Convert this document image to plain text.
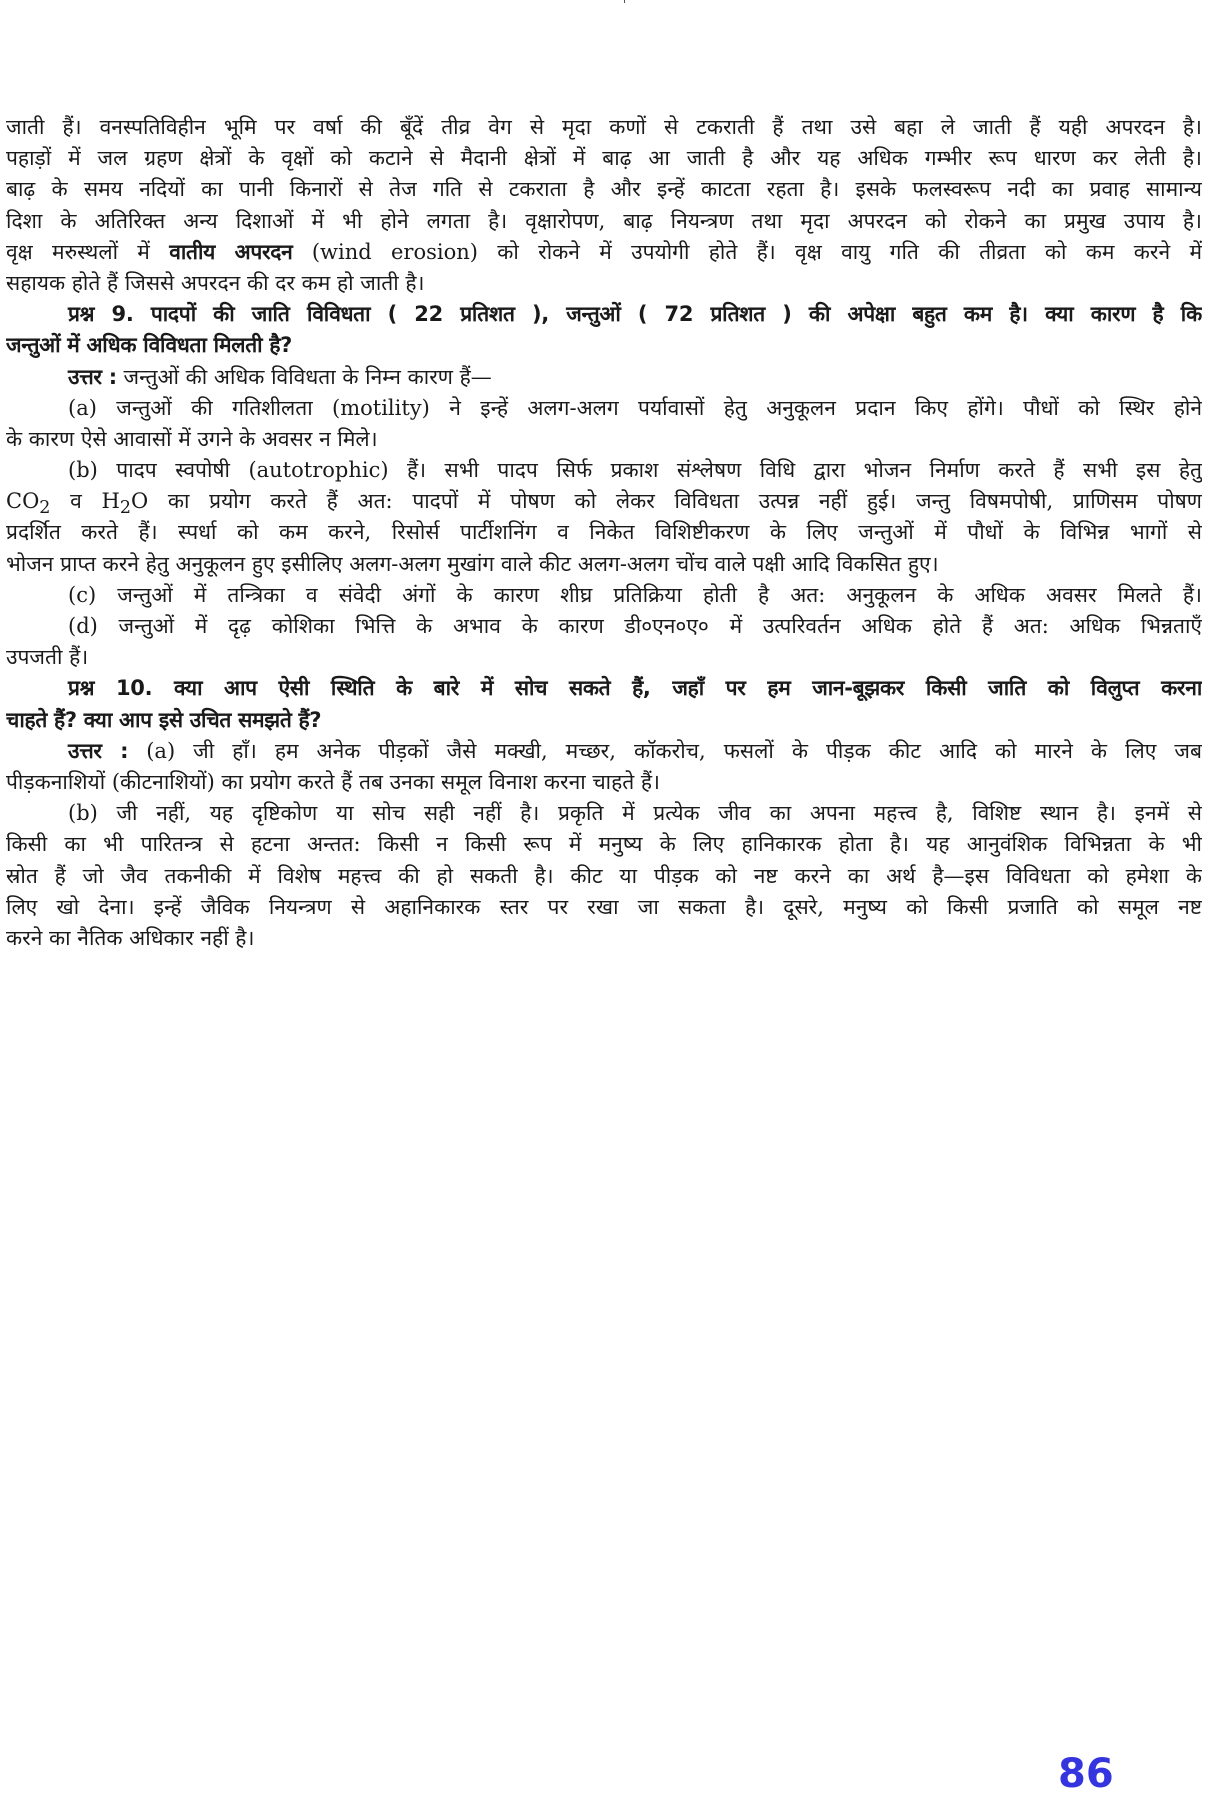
जाती हैं। वनस्पतिविहीन भूमि पर वर्षा की बूँदें तीव्र वेग से मृदा कणों से टकराती हैं तथा उसे बहा ले जाती हैं यही अपरदन है।
पहाड़ों में जल ग्रहण क्षेत्रों के वृक्षों को कटाने से मैदानी क्षेत्रों में बाढ़ आ जाती है और यह अधिक गम्भीर रूप धारण कर लेती है।
बाढ़ के समय नदियों का पानी किनारों से तेज गति से टकराता है और इन्हें काटता रहता है। इसके फलस्वरूप नदी का प्रवाह सामान्य
दिशा के अतिरिक्त अन्य दिशाओं में भी होने लगता है। वृक्षारोपण, बाढ़ नियन्त्रण तथा मृदा अपरदन को रोकने का प्रमुख उपाय है।
वृक्ष मरुस्थलों में वातीय अपरदन (wind erosion) को रोकने में उपयोगी होते हैं। वृक्ष वायु गति की तीव्रता को कम करने में
सहायक होते हैं जिससे अपरदन की दर कम हो जाती है।
प्रश्न 9. पादपों की जाति विविधता ( 22 प्रतिशत ), जन्तुओं ( 72 प्रतिशत ) की अपेक्षा बहुत कम है। क्या कारण है कि
जन्तुओं में अधिक विविधता मिलती है?
उत्तर : जन्तुओं की अधिक विविधता के निम्न कारण हैं—
(a) जन्तुओं की गतिशीलता (motility) ने इन्हें अलग-अलग पर्यावासों हेतु अनुकूलन प्रदान किए होंगे। पौधों को स्थिर होने
के कारण ऐसे आवासों में उगने के अवसर न मिले।
(b) पादप स्वपोषी (autotrophic) हैं। सभी पादप सिर्फ प्रकाश संश्लेषण विधि द्वारा भोजन निर्माण करते हैं सभी इस हेतु
$CO_2$ व $H_2O$ का प्रयोग करते हैं अत: पादपों में पोषण को लेकर विविधता उत्पन्न नहीं हुई। जन्तु विषमपोषी, प्राणिसम पोषण
प्रदर्शित करते हैं। स्पर्धा को कम करने, रिसोर्स पार्टीशनिंग व निकेत विशिष्टीकरण के लिए जन्तुओं में पौधों के विभिन्न भागों से
भोजन प्राप्त करने हेतु अनुकूलन हुए इसीलिए अलग-अलग मुखांग वाले कीट अलग-अलग चोंच वाले पक्षी आदि विकसित हुए।
(c) जन्तुओं में तन्त्रिका व संवेदी अंगों के कारण शीघ्र प्रतिक्रिया होती है अत: अनुकूलन के अधिक अवसर मिलते हैं।
(d) जन्तुओं में दृढ़ कोशिका भित्ति के अभाव के कारण डी०एन०ए० में उत्परिवर्तन अधिक होते हैं अत: अधिक भिन्नताएँ
उपजती हैं।
प्रश्न 10. क्या आप ऐसी स्थिति के बारे में सोच सकते हैं, जहाँ पर हम जान-बूझकर किसी जाति को विलुप्त करना
चाहते हैं? क्या आप इसे उचित समझते हैं?
उत्तर : (a) जी हाँ। हम अनेक पीड़कों जैसे मक्खी, मच्छर, कॉकरोच, फसलों के पीड़क कीट आदि को मारने के लिए जब
पीड़कनाशियों (कीटनाशियों) का प्रयोग करते हैं तब उनका समूल विनाश करना चाहते हैं।
(b) जी नहीं, यह दृष्टिकोण या सोच सही नहीं है। प्रकृति में प्रत्येक जीव का अपना महत्त्व है, विशिष्ट स्थान है। इनमें से
किसी का भी पारितन्त्र से हटना अन्तत: किसी न किसी रूप में मनुष्य के लिए हानिकारक होता है। यह आनुवंशिक विभिन्नता के भी
स्रोत हैं जो जैव तकनीकी में विशेष महत्त्व की हो सकती है। कीट या पीड़क को नष्ट करने का अर्थ है—इस विविधता को हमेशा के
लिए खो देना। इन्हें जैविक नियन्त्रण से अहानिकारक स्तर पर रखा जा सकता है। दूसरे, मनुष्य को किसी प्रजाति को समूल नष्ट
करने का नैतिक अधिकार नहीं है।
86
